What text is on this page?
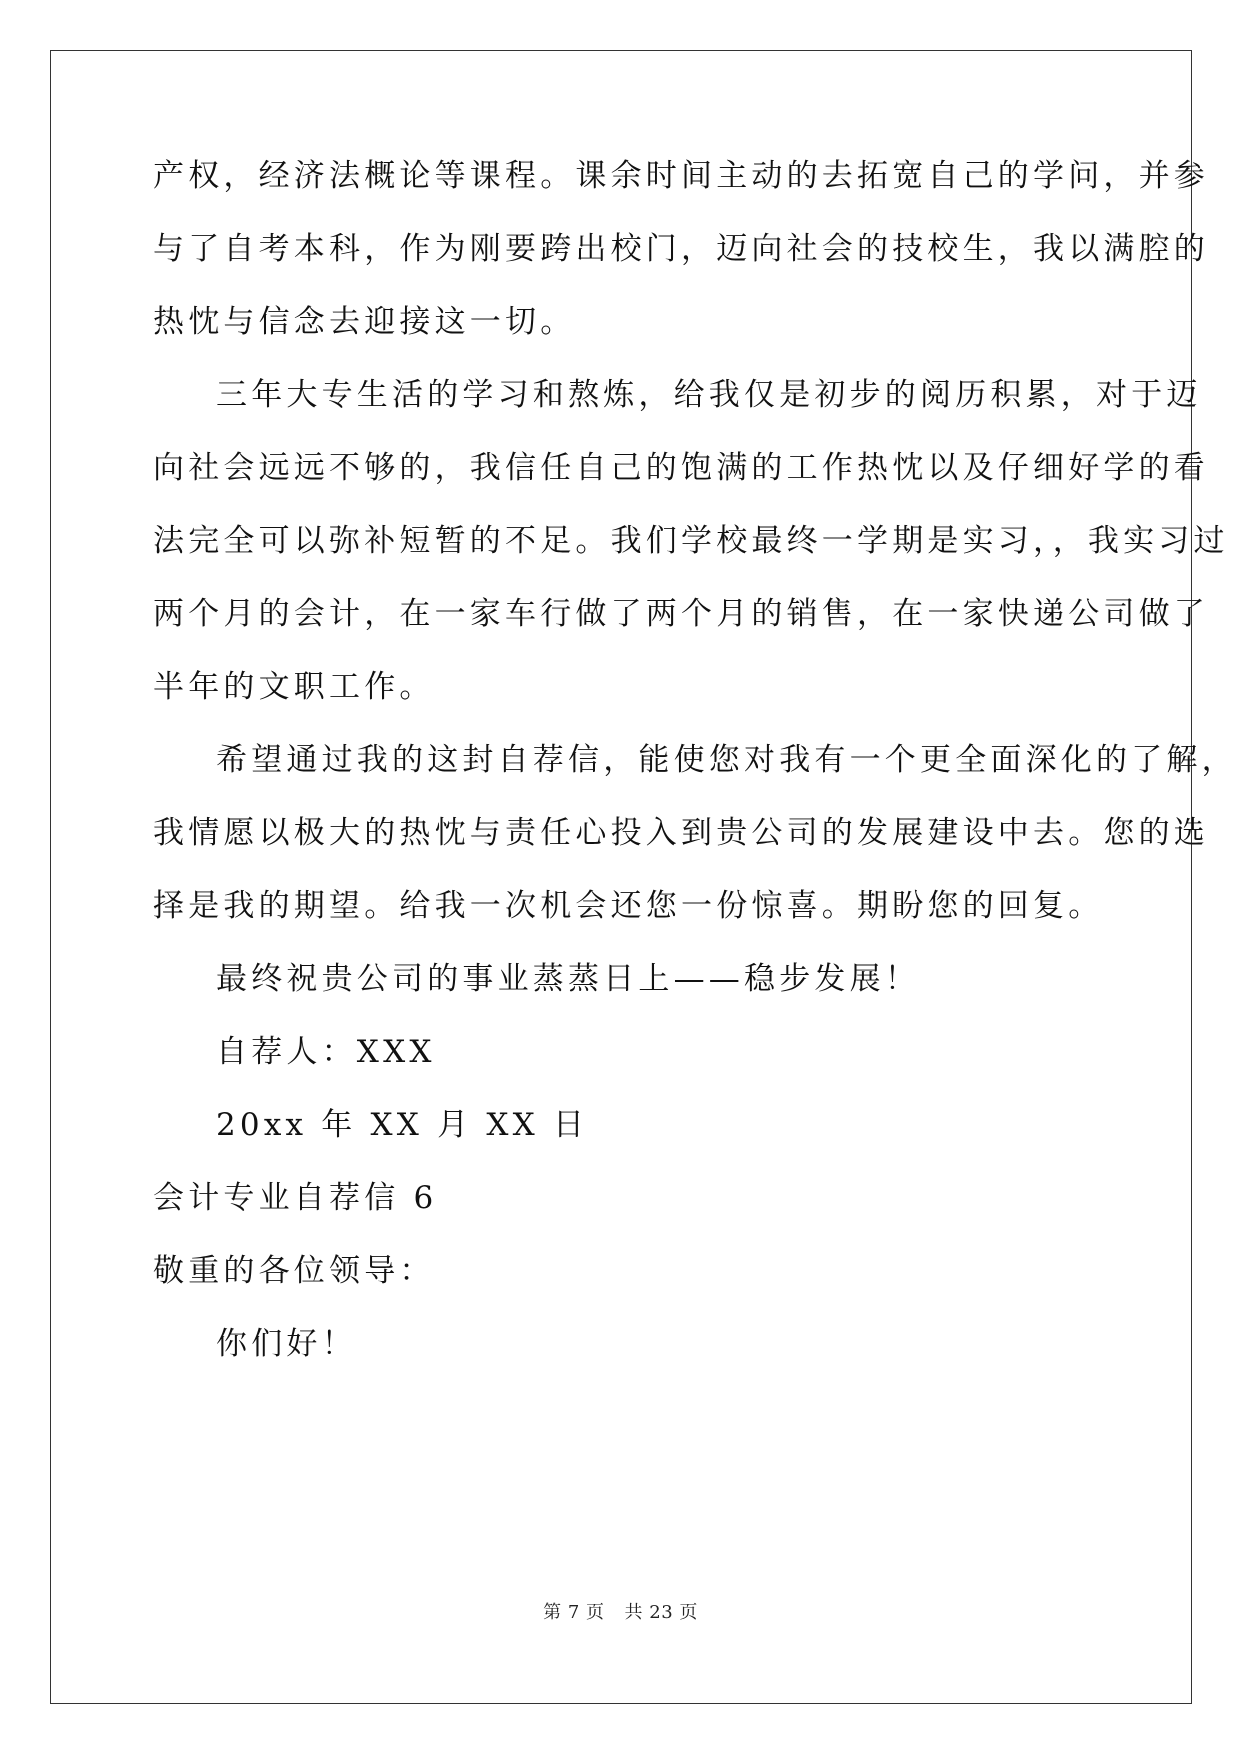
产权，经济法概论等课程。课余时间主动的去拓宽自己的学问，并参

与了自考本科，作为刚要跨出校门，迈向社会的技校生，我以满腔的

热忱与信念去迎接这一切。

三年大专生活的学习和熬炼，给我仅是初步的阅历积累，对于迈

向社会远远不够的，我信任自己的饱满的工作热忱以及仔细好学的看

法完全可以弥补短暂的不足。我们学校最终一学期是实习，，我实习过

两个月的会计，在一家车行做了两个月的销售，在一家快递公司做了

半年的文职工作。

希望通过我的这封自荐信，能使您对我有一个更全面深化的了解，

我情愿以极大的热忱与责任心投入到贵公司的发展建设中去。您的选

择是我的期望。给我一次机会还您一份惊喜。期盼您的回复。

最终祝贵公司的事业蒸蒸日上——稳步发展！

自荐人：XXX

20xx 年 XX 月 XX 日

会计专业自荐信 6

敬重的各位领导：

你们好！

第 7 页 共 23 页
